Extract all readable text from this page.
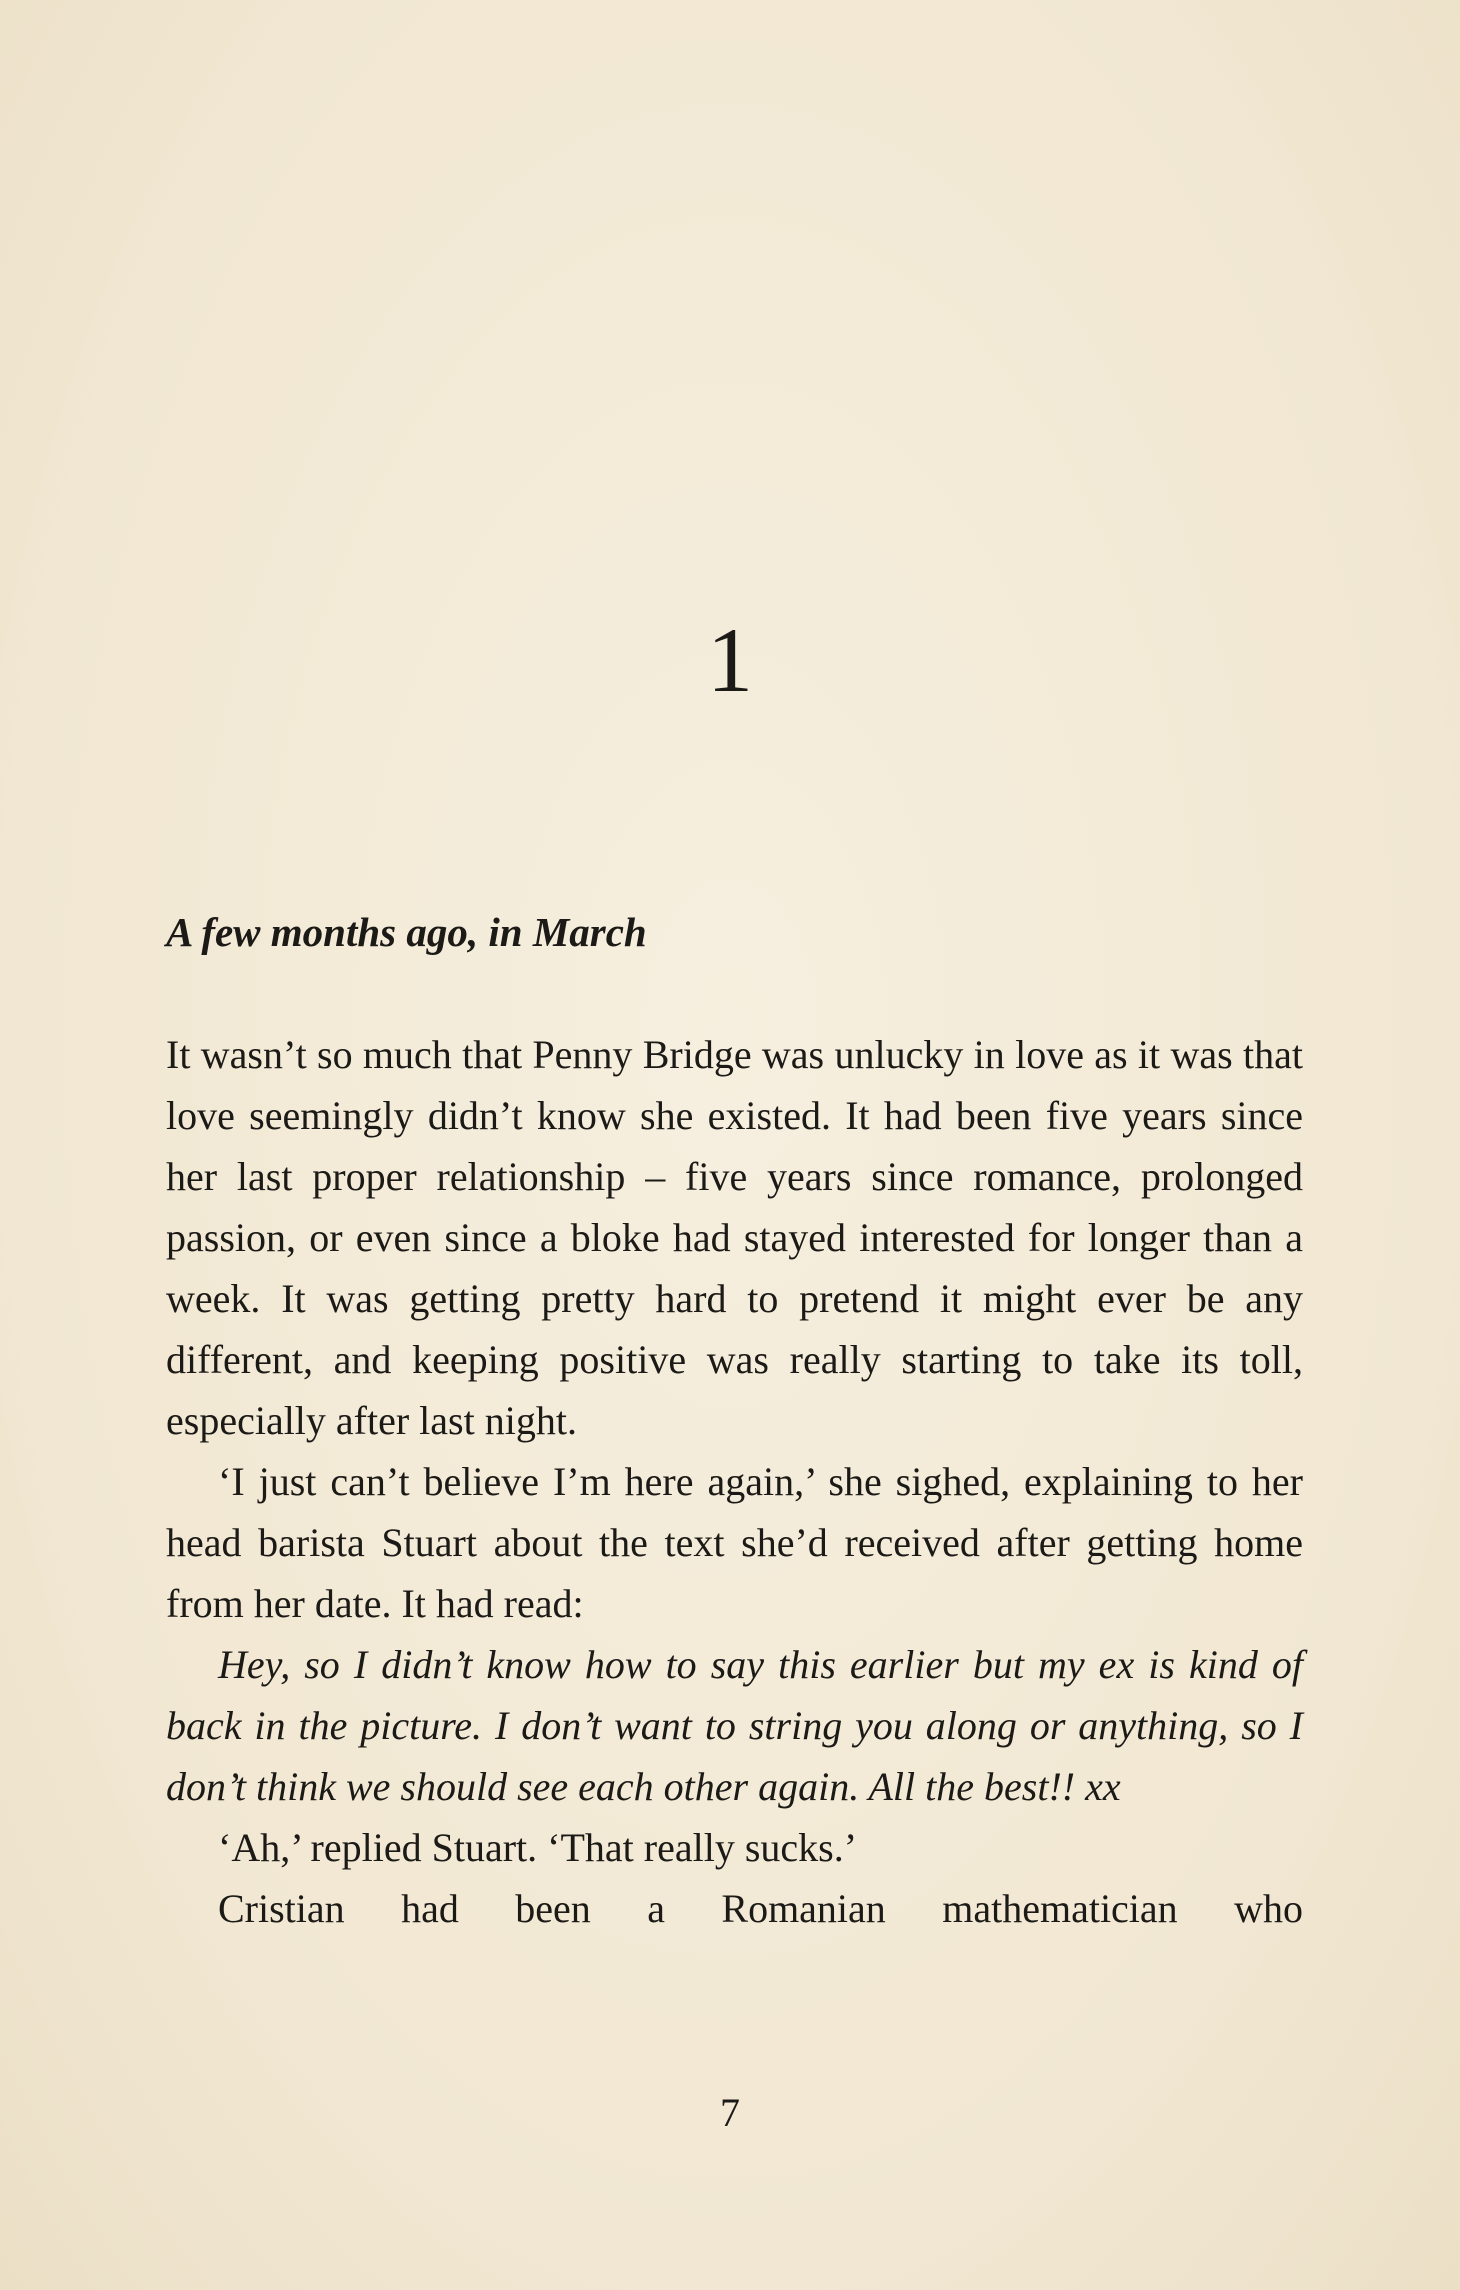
1
A few months ago, in March

It wasn’t so much that Penny Bridge was unlucky in love as it was that love seemingly didn’t know she existed. It had been five years since her last proper relationship – five years since romance, prolonged passion, or even since a bloke had stayed interested for longer than a week. It was getting pretty hard to pretend it might ever be any different, and keeping positive was really starting to take its toll, especially after last night.

‘I just can’t believe I’m here again,’ she sighed, explaining to her head barista Stuart about the text she’d received after getting home from her date. It had read:

Hey, so I didn’t know how to say this earlier but my ex is kind of back in the picture. I don’t want to string you along or anything, so I don’t think we should see each other again. All the best!! xx

‘Ah,’ replied Stuart. ‘That really sucks.’

Cristian had been a Romanian mathematician who

7
